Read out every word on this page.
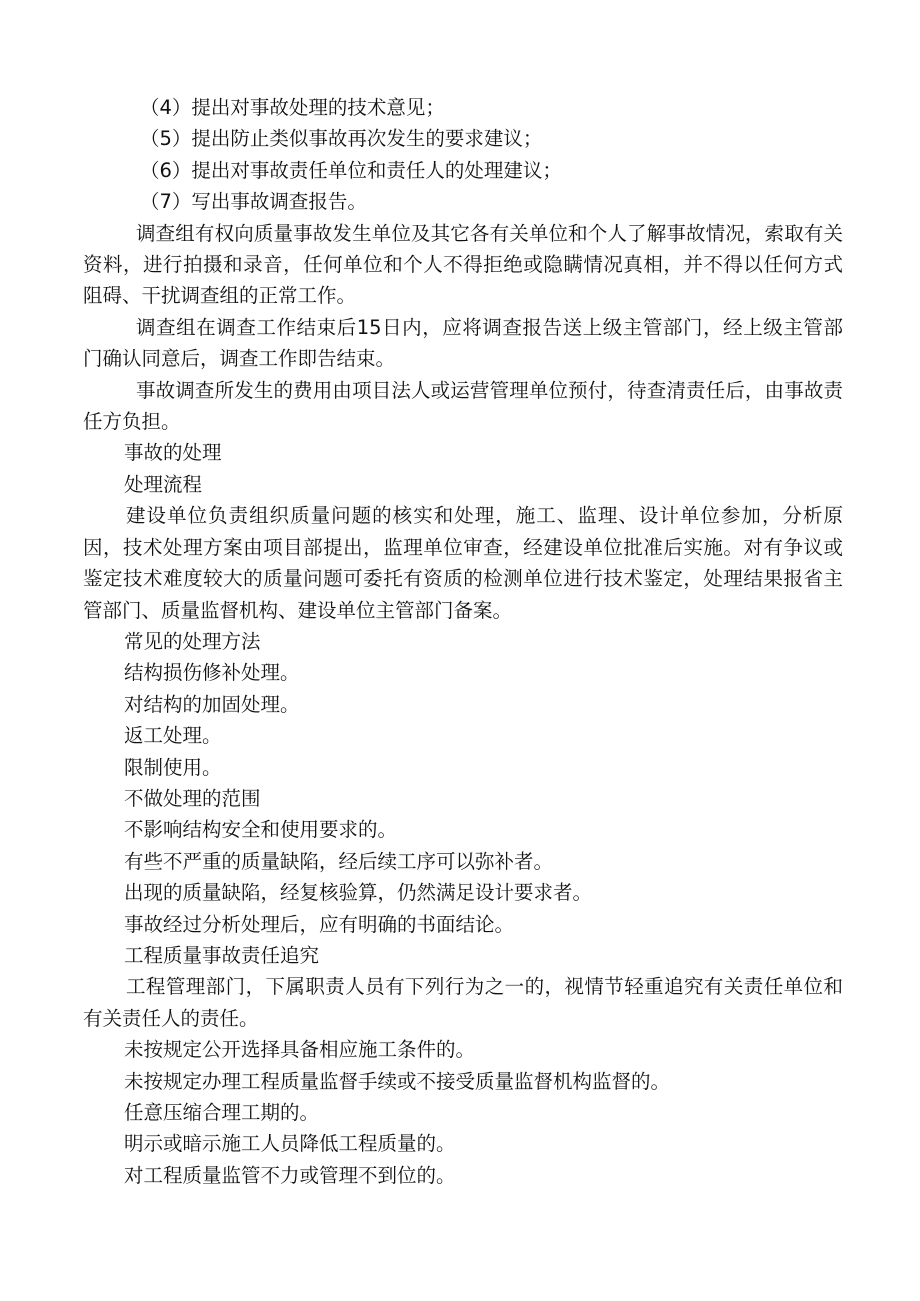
（4）提出对事故处理的技术意见；

（5）提出防止类似事故再次发生的要求建议；

（6）提出对事故责任单位和责任人的处理建议；

（7）写出事故调查报告。

调查组有权向质量事故发生单位及其它各有关单位和个人了解事故情况，索取有关资料，进行拍摄和录音，任何单位和个人不得拒绝或隐瞒情况真相，并不得以任何方式阻碍、干扰调查组的正常工作。

调查组在调查工作结束后15日内，应将调查报告送上级主管部门，经上级主管部门确认同意后，调查工作即告结束。

事故调查所发生的费用由项目法人或运营管理单位预付，待查清责任后，由事故责任方负担。

事故的处理

处理流程

建设单位负责组织质量问题的核实和处理，施工、监理、设计单位参加，分析原因，技术处理方案由项目部提出，监理单位审查，经建设单位批准后实施。对有争议或鉴定技术难度较大的质量问题可委托有资质的检测单位进行技术鉴定，处理结果报省主管部门、质量监督机构、建设单位主管部门备案。

常见的处理方法

结构损伤修补处理。

对结构的加固处理。

返工处理。

限制使用。

不做处理的范围

不影响结构安全和使用要求的。

有些不严重的质量缺陷，经后续工序可以弥补者。

出现的质量缺陷，经复核验算，仍然满足设计要求者。

事故经过分析处理后，应有明确的书面结论。

工程质量事故责任追究

工程管理部门，下属职责人员有下列行为之一的，视情节轻重追究有关责任单位和有关责任人的责任。

未按规定公开选择具备相应施工条件的。

未按规定办理工程质量监督手续或不接受质量监督机构监督的。

任意压缩合理工期的。

明示或暗示施工人员降低工程质量的。

对工程质量监管不力或管理不到位的。
